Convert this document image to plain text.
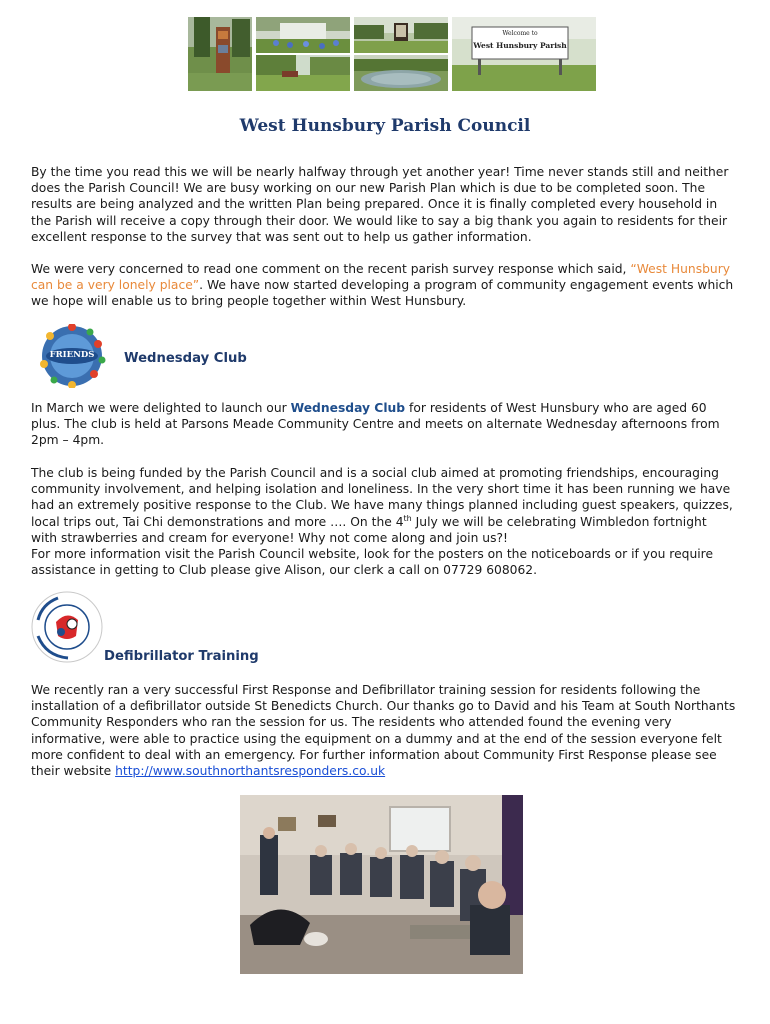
Welcome to
West Hunsbury Parish
West Hunsbury Parish Council

By the time you read this we will be nearly halfway through yet another year! Time never stands still and neither does the Parish Council! We are busy working on our new Parish Plan which is due to be completed soon. The results are being analyzed and the written Plan being prepared. Once it is finally completed every household in the Parish will receive a copy through their door. We would like to say a big thank you again to residents for their excellent response to the survey that was sent out to help us gather information.

We were very concerned to read one comment on the recent parish survey response which said, “West Hunsbury can be a very lonely place”. We have now started developing a program of community engagement events which we hope will enable us to bring people together within West Hunsbury.

FRIENDS	Wednesday Club

In March we were delighted to launch our Wednesday Club for residents of West Hunsbury who are aged 60 plus. The club is held at Parsons Meade Community Centre and meets on alternate Wednesday afternoons from 2pm – 4pm.

The club is being funded by the Parish Council and is a social club aimed at promoting friendships, encouraging community involvement, and helping isolation and loneliness. In the very short time it has been running we have had an extremely positive response to the Club. We have many things planned including guest speakers, quizzes, local trips out, Tai Chi demonstrations and more …. On the 4th July we will be celebrating Wimbledon fortnight with strawberries and cream for everyone! Why not come along and join us?!

For more information visit the Parish Council website, look for the posters on the noticeboards or if you require assistance in getting to Club please give Alison, our clerk a call on 07729 608062.

Defibrillator Training

We recently ran a very successful First Response and Defibrillator training session for residents following the installation of a defibrillator outside St Benedicts Church. Our thanks go to David and his Team at South Northants Community Responders who ran the session for us. The residents who attended found the evening very informative, were able to practice using the equipment on a dummy and at the end of the session everyone felt more confident to deal with an emergency. For further information about Community First Response please see their website http://www.southnorthantsresponders.co.uk
